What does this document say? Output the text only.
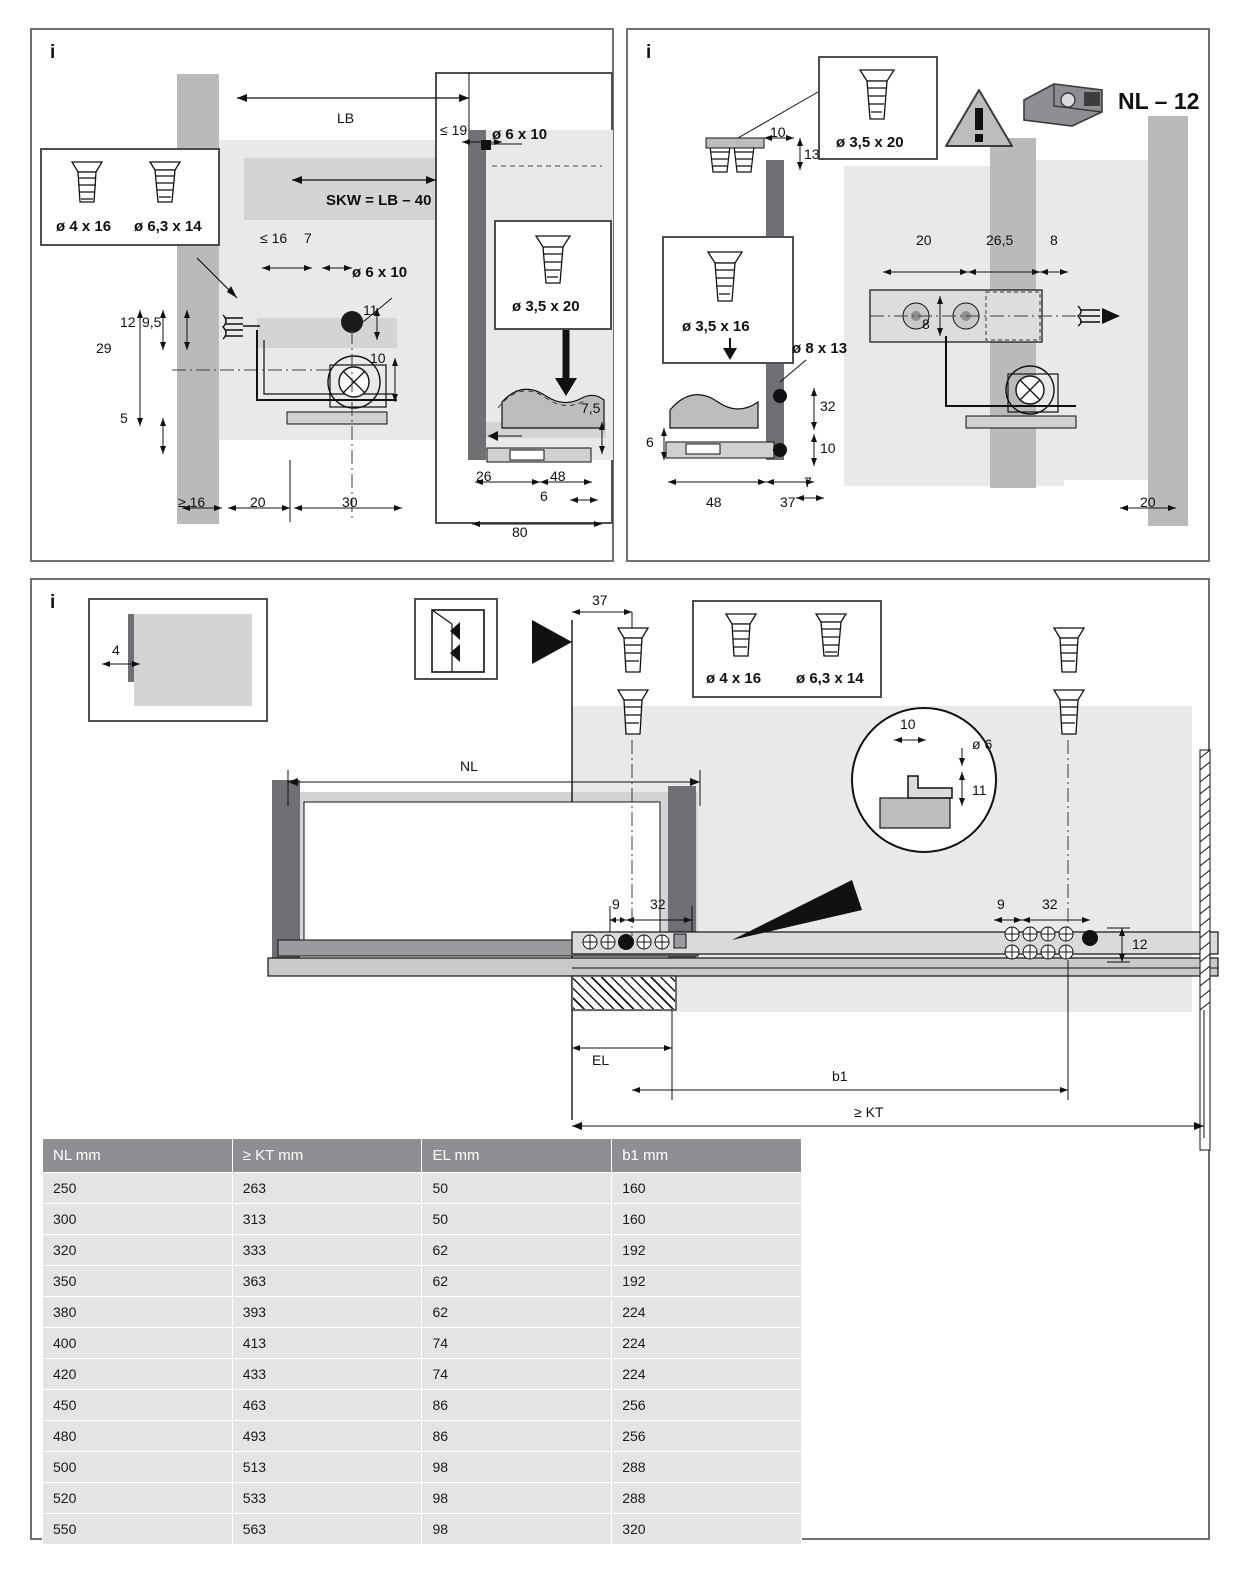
i
ø 4 x 16 ø 6,3 x 14
ø 3,5 x 20
LB
SKW = LB – 40
≤ 19 ø 6 x 10
ø 6 x 10
≤ 16 7
11
10
12 9,5
29
5
≥ 16	20	30
26	48
6
7,5
80
i
NL – 12
ø 3,5 x 20
ø 3,5 x 16
10
13
20	26,5	8
8
ø 8 x 13
32
10
6
48	37
7
20
i
4
ø 4 x 16 ø 6,3 x 14
37
NL
9 32	9	32
12
10
ø 6
11
EL
b1
≥ KT
NL mm	≥ KT mm	EL mm	b1 mm
250	263	50	160
300	313	50	160
320	333	62	192
350	363	62	192
380	393	62	224
400	413	74	224
420	433	74	224
450	463	86	256
480	493	86	256
500	513	98	288
520	533	98	288
550	563	98	320
